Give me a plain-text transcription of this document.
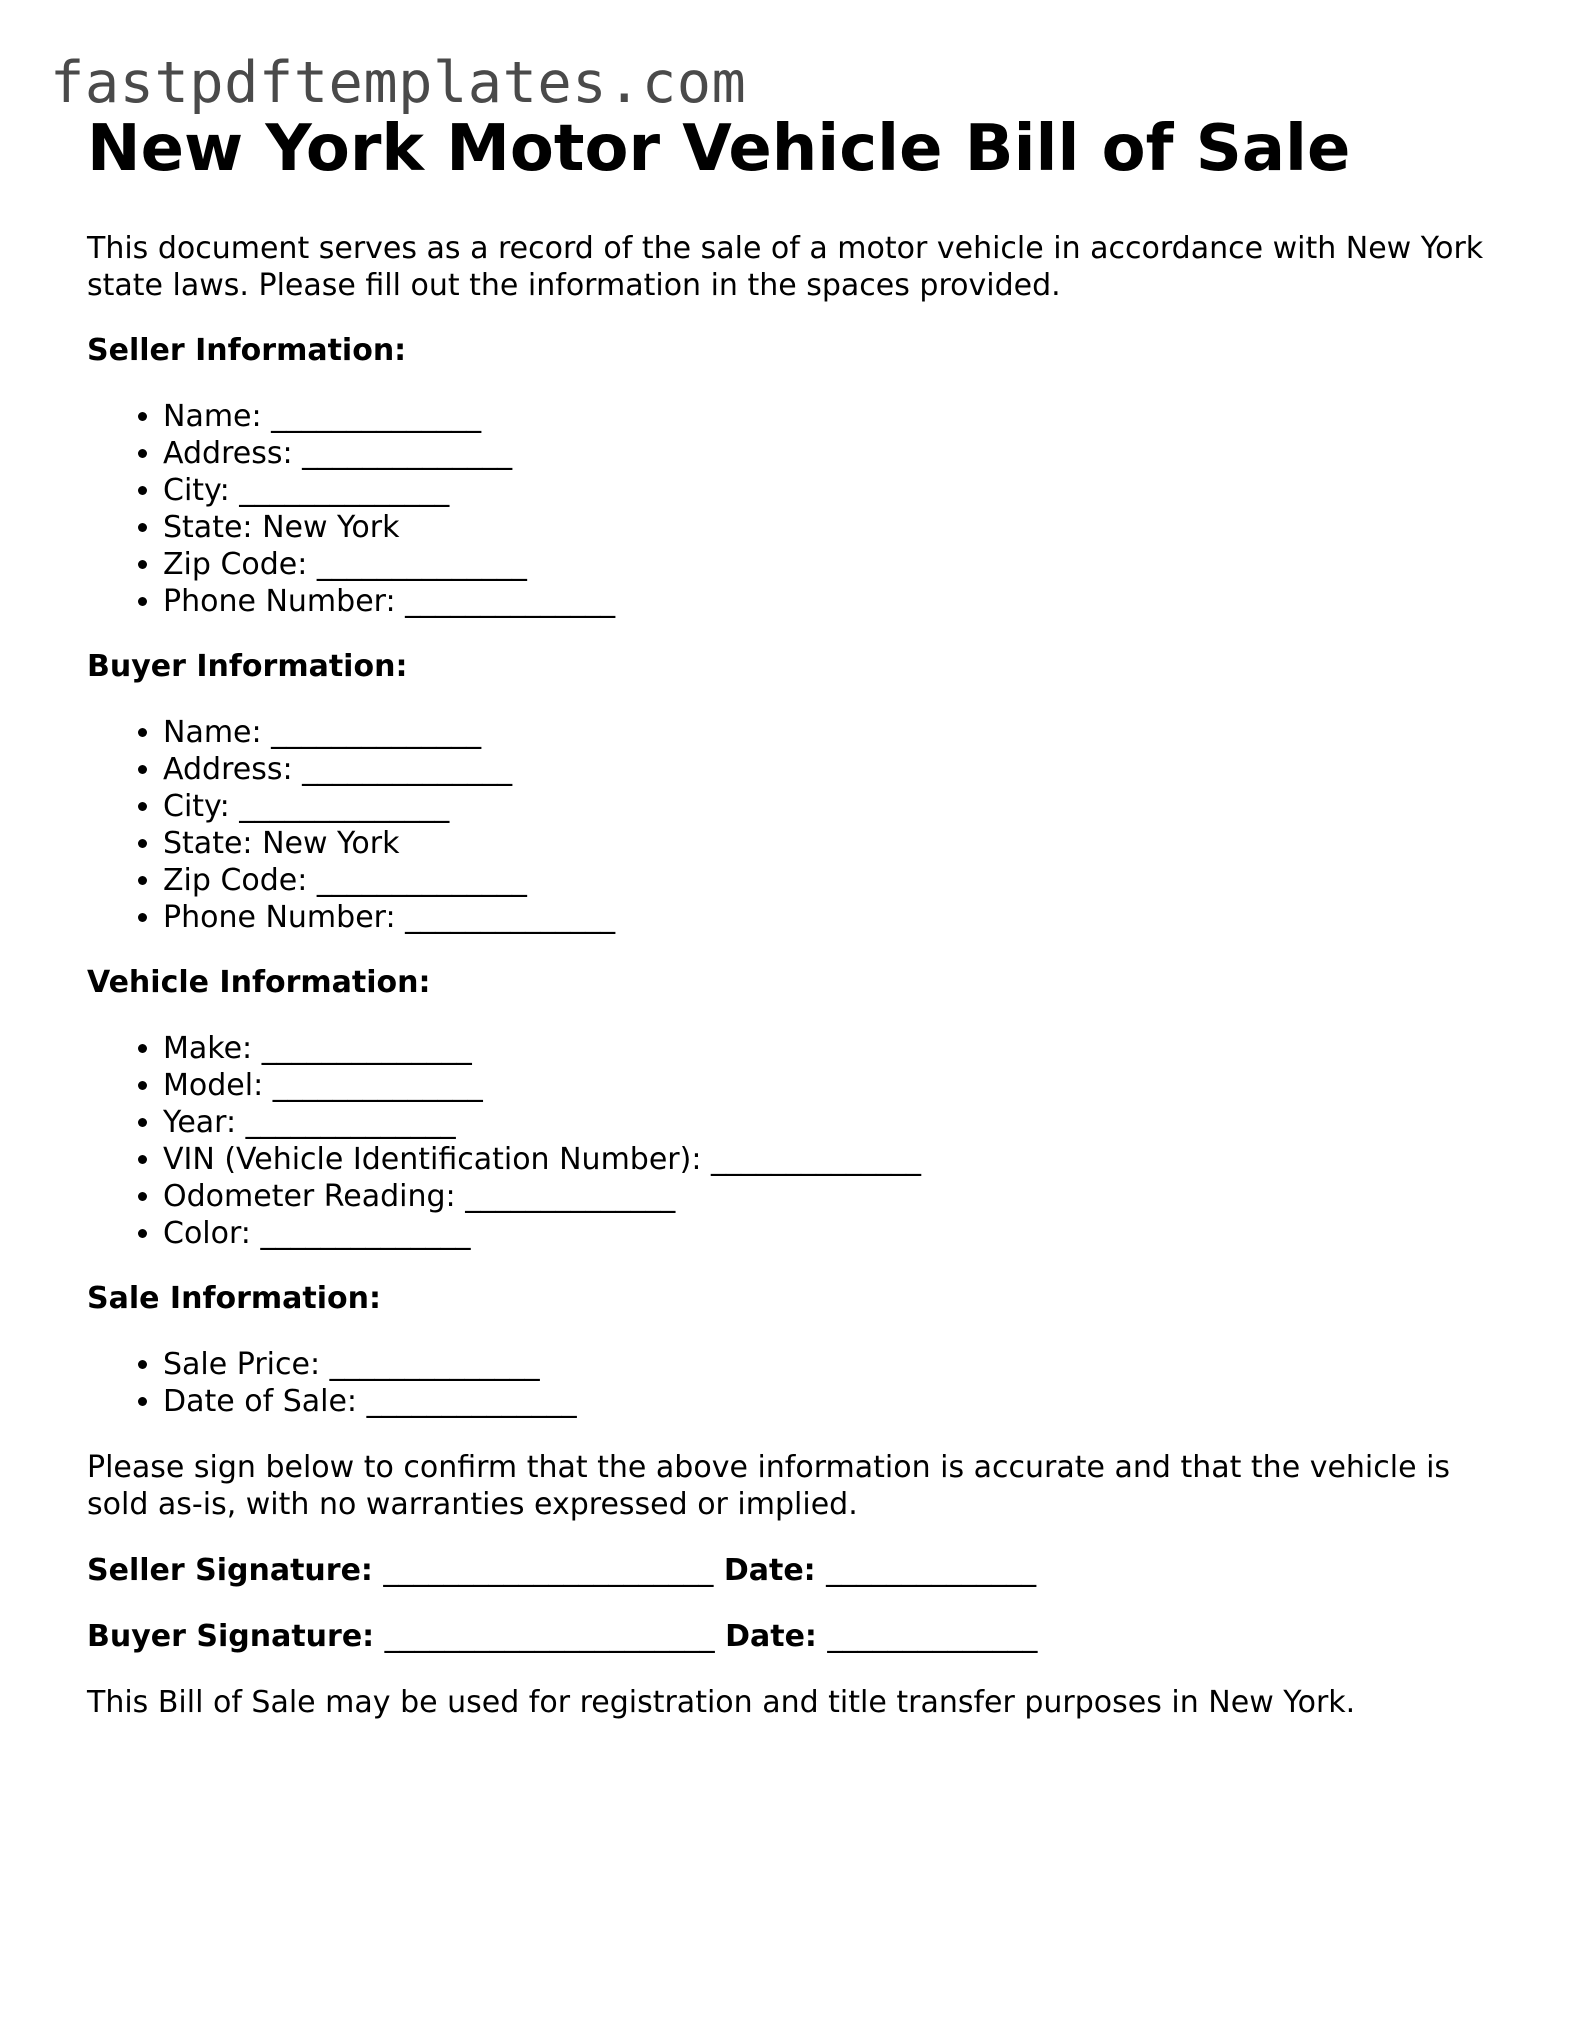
fastpdftemplates.com
New York Motor Vehicle Bill of Sale

This document serves as a record of the sale of a motor vehicle in accordance with New York state laws. Please fill out the information in the spaces provided.

Seller Information:

• Name: ______________
• Address: ______________
• City: ______________
• State: New York
• Zip Code: ______________
• Phone Number: ______________

Buyer Information:

• Name: ______________
• Address: ______________
• City: ______________
• State: New York
• Zip Code: ______________
• Phone Number: ______________

Vehicle Information:

• Make: ______________
• Model: ______________
• Year: ______________
• VIN (Vehicle Identification Number): ______________
• Odometer Reading: ______________
• Color: ______________

Sale Information:

• Sale Price: ______________
• Date of Sale: ______________

Please sign below to confirm that the above information is accurate and that the vehicle is sold as-is, with no warranties expressed or implied.

Seller Signature: ______________________ Date: ______________

Buyer Signature: ______________________ Date: ______________

This Bill of Sale may be used for registration and title transfer purposes in New York.
